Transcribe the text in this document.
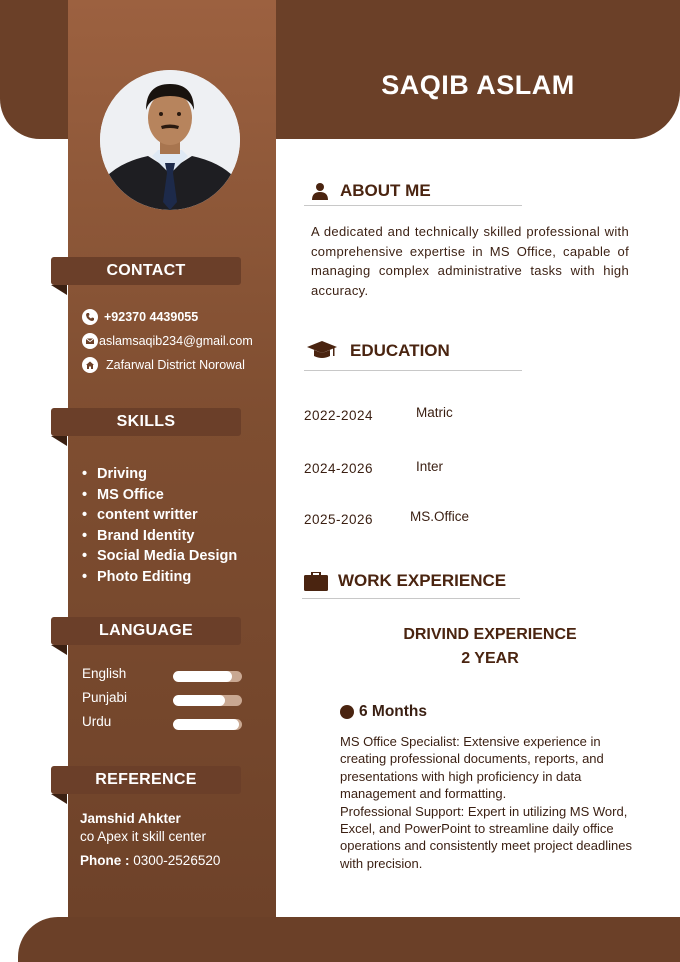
SAQIB ASLAM
CONTACT
+92370 4439055
aslamsaqib234@gmail.com
Zafarwal District Norowal
SKILLS
• Driving
• MS Office
• content writter
• Brand Identity
• Social Media Design
• Photo Editing
LANGUAGE
English
Punjabi
Urdu
REFERENCE
Jamshid Ahkter
co Apex it skill center
Phone : 0300-2526520
ABOUT ME
A dedicated and technically skilled professional with comprehensive expertise in MS Office, capable of managing complex administrative tasks with high accuracy.
EDUCATION
2022-2024	Matric
2024-2026	Inter
2025-2026	MS.Office
WORK EXPERIENCE
DRIVIND EXPERIENCE
2 YEAR
6 Months

MS Office Specialist: Extensive experience in creating professional documents, reports, and presentations with high proficiency in data management and formatting.

Professional Support: Expert in utilizing MS Word, Excel, and PowerPoint to streamline daily office operations and consistently meet project deadlines with precision.
